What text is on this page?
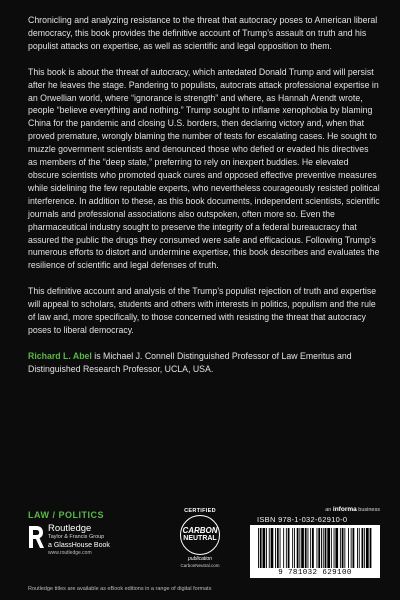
Chronicling and analyzing resistance to the threat that autocracy poses to American liberal democracy, this book provides the definitive account of Trump’s assault on truth and his populist attacks on expertise, as well as scientific and legal opposition to them.

This book is about the threat of autocracy, which antedated Donald Trump and will persist after he leaves the stage. Pandering to populists, autocrats attack professional expertise in an Orwellian world, where “ignorance is strength” and where, as Hannah Arendt wrote, people “believe everything and nothing.” Trump sought to inflame xenophobia by blaming China for the pandemic and closing U.S. borders, then declaring victory and, when that proved premature, wrongly blaming the number of tests for escalating cases. He sought to muzzle government scientists and denounced those who defied or evaded his directives as members of the “deep state,” preferring to rely on inexpert buddies. He elevated obscure scientists who promoted quack cures and opposed effective preventive measures while sidelining the few reputable experts, who nevertheless courageously resisted political interference. In addition to these, as this book documents, independent scientists, scientific journals and professional associations also outspoken, often more so. Even the pharmaceutical industry sought to preserve the integrity of a federal bureaucracy that assured the public the drugs they consumed were safe and efficacious. Following Trump’s numerous efforts to distort and undermine expertise, this book describes and evaluates the resilience of scientific and legal defenses of truth.

This definitive account and analysis of the Trump’s populist rejection of truth and expertise will appeal to scholars, students and others with interests in politics, populism and the rule of law and, more specifically, to those concerned with resisting the threat that autocracy poses to liberal democracy.

Richard L. Abel is Michael J. Connell Distinguished Professor of Law Emeritus and Distinguished Research Professor, UCLA, USA.

LAW / POLITICS
Routledge
Taylor & Francis Group
a GlassHouse Book
www.routledge.com
CERTIFIED
CARBON
NEUTRAL
publication
CarbonNeutral.com
an informa business
ISBN 978-1-032-62910-0
9 781032 629100
Routledge titles are available as eBook editions in a range of digital formats
